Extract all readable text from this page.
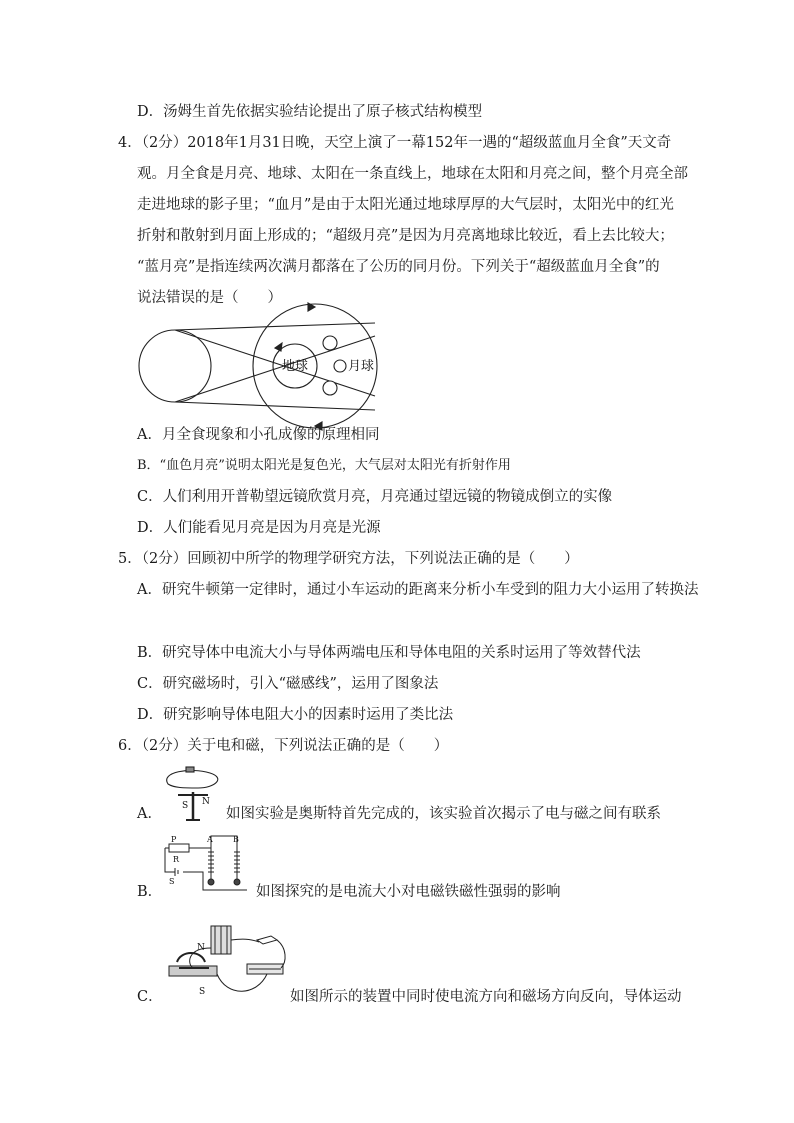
D．汤姆生首先依据实验结论提出了原子核式结构模型
4．（2分）2018年1月31日晚，天空上演了一幕152年一遇的“超级蓝血月全食”天文奇
观。月全食是月亮、地球、太阳在一条直线上，地球在太阳和月亮之间，整个月亮全部
走进地球的影子里；“血月”是由于太阳光通过地球厚厚的大气层时，太阳光中的红光
折射和散射到月面上形成的；“超级月亮”是因为月亮离地球比较近，看上去比较大；
“蓝月亮”是指连续两次满月都落在了公历的同月份。下列关于“超级蓝血月全食”的
说法错误的是（　　）
地球	月球
A．月全食现象和小孔成像的原理相同
B．“血色月亮”说明太阳光是复色光，大气层对太阳光有折射作用
C．人们利用开普勒望远镜欣赏月亮，月亮通过望远镜的物镜成倒立的实像
D．人们能看见月亮是因为月亮是光源
5．（2分）回顾初中所学的物理学研究方法，下列说法正确的是（　　）
A．研究牛顿第一定律时，通过小车运动的距离来分析小车受到的阻力大小运用了转换法
B．研究导体中电流大小与导体两端电压和导体电阻的关系时运用了等效替代法
C．研究磁场时，引入“磁感线”，运用了图象法
D．研究影响导体电阻大小的因素时运用了类比法
6．（2分）关于电和磁，下列说法正确的是（　　）
A． S N
如图实验是奥斯特首先完成的，该实验首次揭示了电与磁之间有联系
B．
P
R
S
A	B
如图探究的是电流大小对电磁铁磁性强弱的影响
C．
N
S	如图所示的装置中同时使电流方向和磁场方向反向，导体运动
